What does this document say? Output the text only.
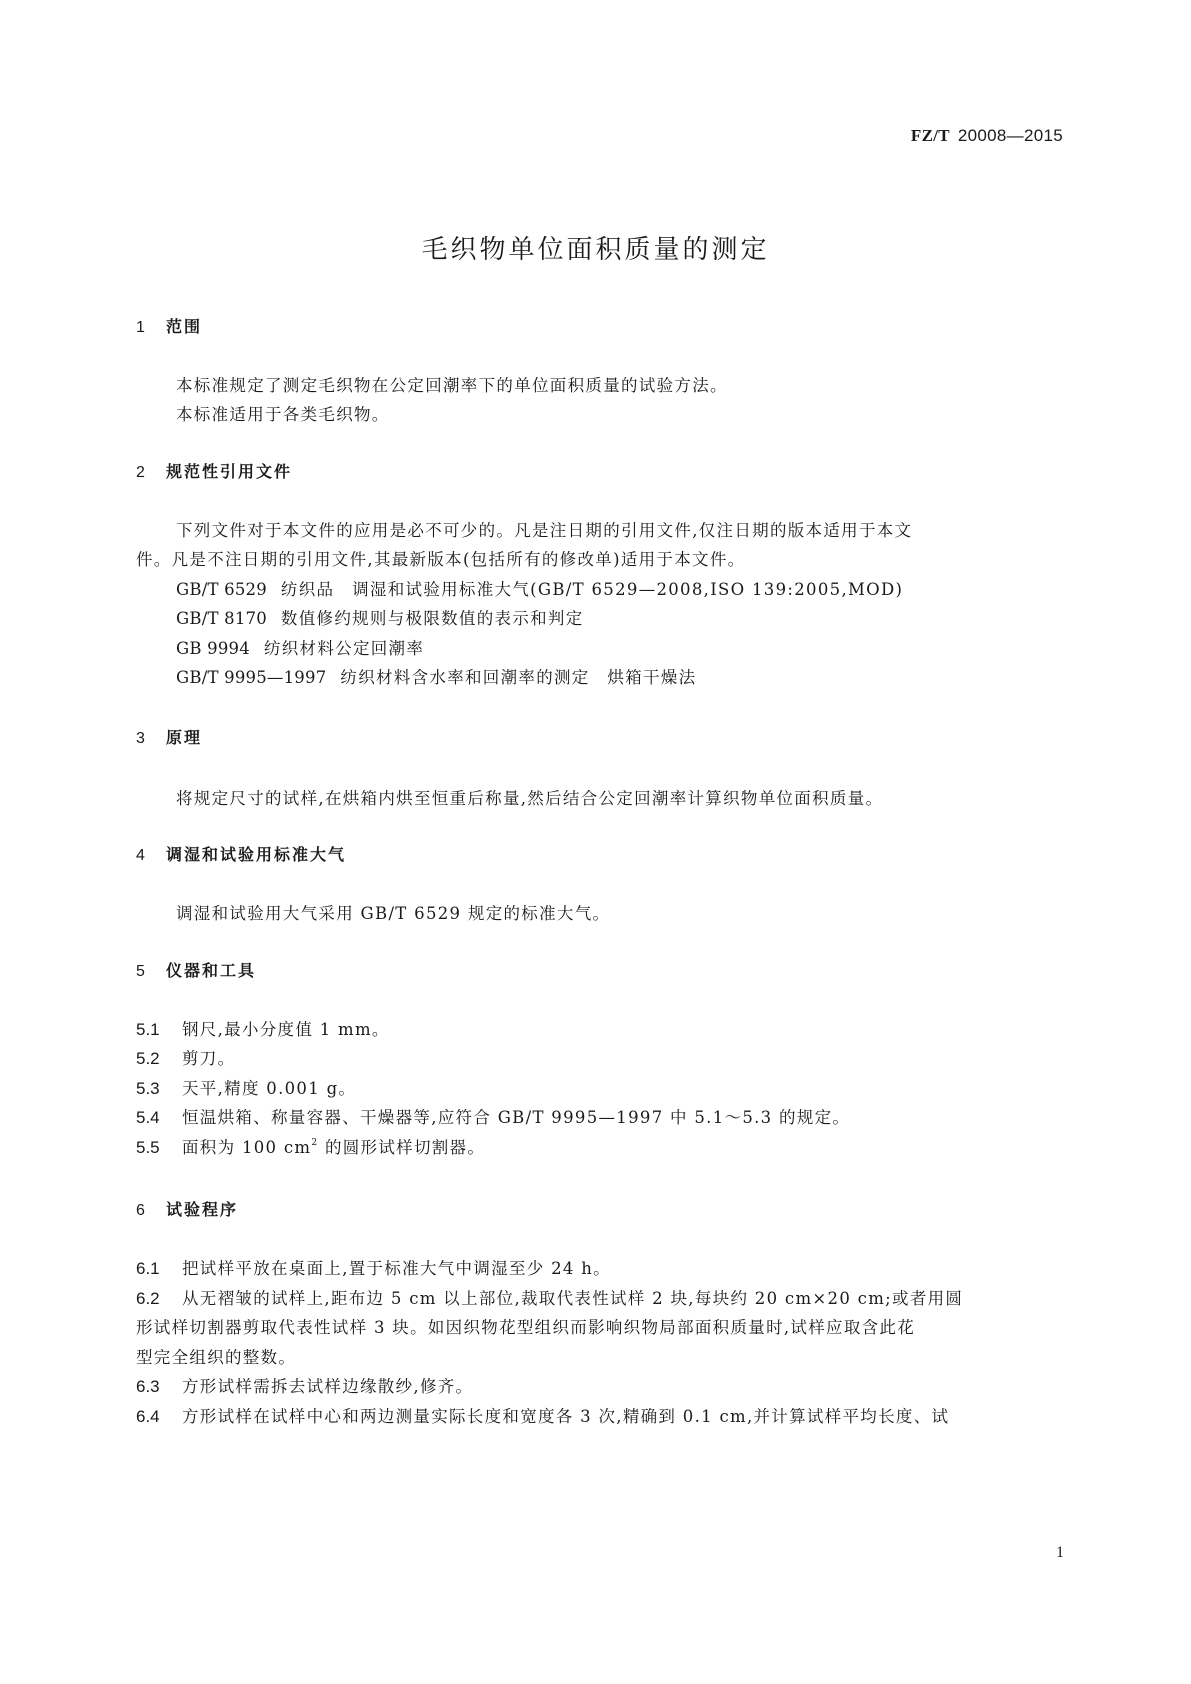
FZ/T 20008—2015
毛织物单位面积质量的测定
1 范围
本标准规定了测定毛织物在公定回潮率下的单位面积质量的试验方法。
本标准适用于各类毛织物。
2 规范性引用文件
下列文件对于本文件的应用是必不可少的。凡是注日期的引用文件,仅注日期的版本适用于本文
件。凡是不注日期的引用文件,其最新版本(包括所有的修改单)适用于本文件。
GB/T 6529 纺织品　调湿和试验用标准大气(GB/T 6529—2008,ISO 139:2005,MOD)
GB/T 8170 数值修约规则与极限数值的表示和判定
GB 9994 纺织材料公定回潮率
GB/T 9995—1997 纺织材料含水率和回潮率的测定　烘箱干燥法
3 原理
将规定尺寸的试样,在烘箱内烘至恒重后称量,然后结合公定回潮率计算织物单位面积质量。
4 调湿和试验用标准大气
调湿和试验用大气采用 GB/T 6529 规定的标准大气。
5 仪器和工具
5.1 钢尺,最小分度值 1 mm。
5.2 剪刀。
5.3 天平,精度 0.001 g。
5.4 恒温烘箱、称量容器、干燥器等,应符合 GB/T 9995—1997 中 5.1～5.3 的规定。
5.5 面积为 100 $cm^2$ 的圆形试样切割器。
6 试验程序
6.1 把试样平放在桌面上,置于标准大气中调湿至少 24 h。
6.2 从无褶皱的试样上,距布边 5 cm 以上部位,裁取代表性试样 2 块,每块约 20 cm×20 cm;或者用圆
形试样切割器剪取代表性试样 3 块。如因织物花型组织而影响织物局部面积质量时,试样应取含此花
型完全组织的整数。
6.3 方形试样需拆去试样边缘散纱,修齐。
6.4 方形试样在试样中心和两边测量实际长度和宽度各 3 次,精确到 0.1 cm,并计算试样平均长度、试
1
